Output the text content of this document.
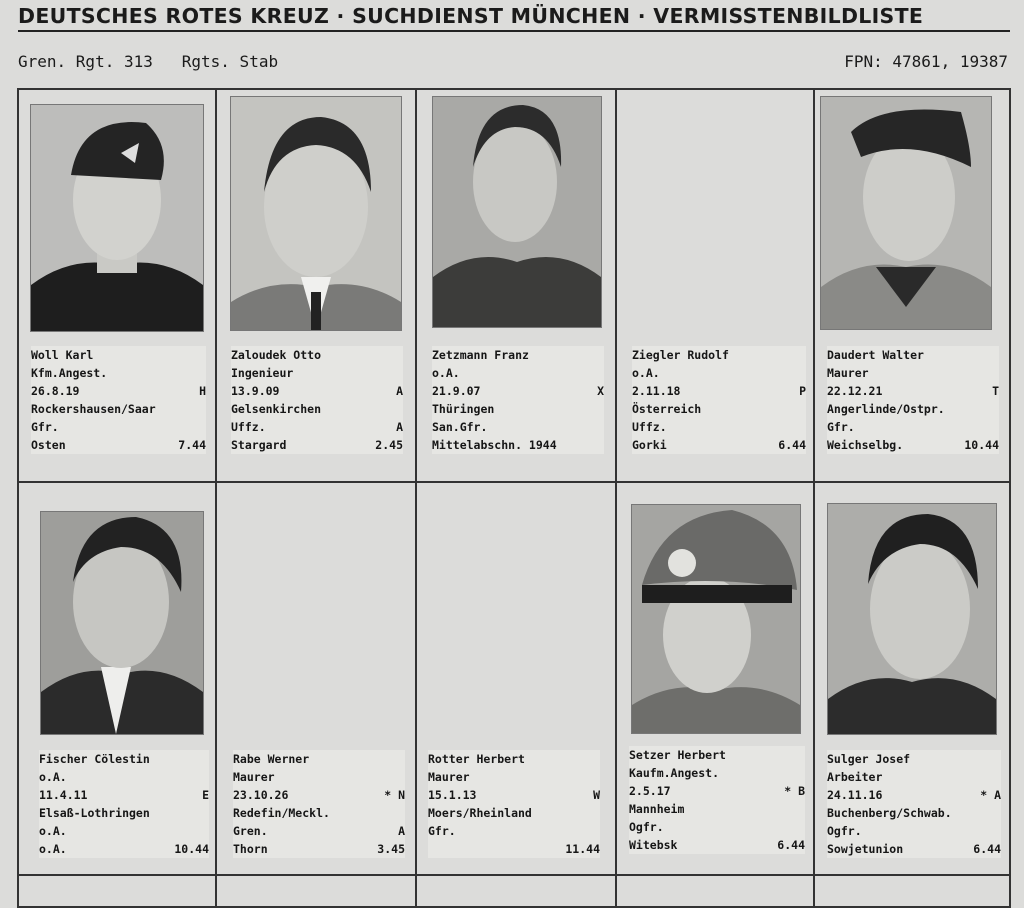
DEUTSCHES ROTES KREUZ · SUCHDIENST MÜNCHEN · VERMISSTENBILDLISTE
Gren. Rgt. 313   Rgts. Stab	FPN: 47861, 19387
Woll Karl
Kfm.Angest.
26.8.19	H
Rockershausen/Saar
Gfr.
Osten	7.44
Zaloudek Otto
Ingenieur
13.9.09	A
Gelsenkirchen
Uffz.	A
Stargard	2.45
Zetzmann Franz
o.A.
21.9.07	X
Thüringen
San.Gfr.
Mittelabschn. 1944
Ziegler Rudolf
o.A.
2.11.18	P
Österreich
Uffz.
Gorki	6.44
Daudert Walter
Maurer
22.12.21	T
Angerlinde/Ostpr.
Gfr.
Weichselbg.	10.44
Fischer Cölestin
o.A.
11.4.11	E
Elsaß-Lothringen
o.A.
o.A.	10.44
Rabe Werner
Maurer
23.10.26	* N
Redefin/Meckl.
Gren.	A
Thorn	3.45
Rotter Herbert
Maurer
15.1.13	W
Moers/Rheinland
Gfr.
11.44
Setzer Herbert
Kaufm.Angest.
2.5.17	* B
Mannheim
Ogfr.
Witebsk	6.44
Sulger Josef
Arbeiter
24.11.16	* A
Buchenberg/Schwab.
Ogfr.
Sowjetunion	6.44
